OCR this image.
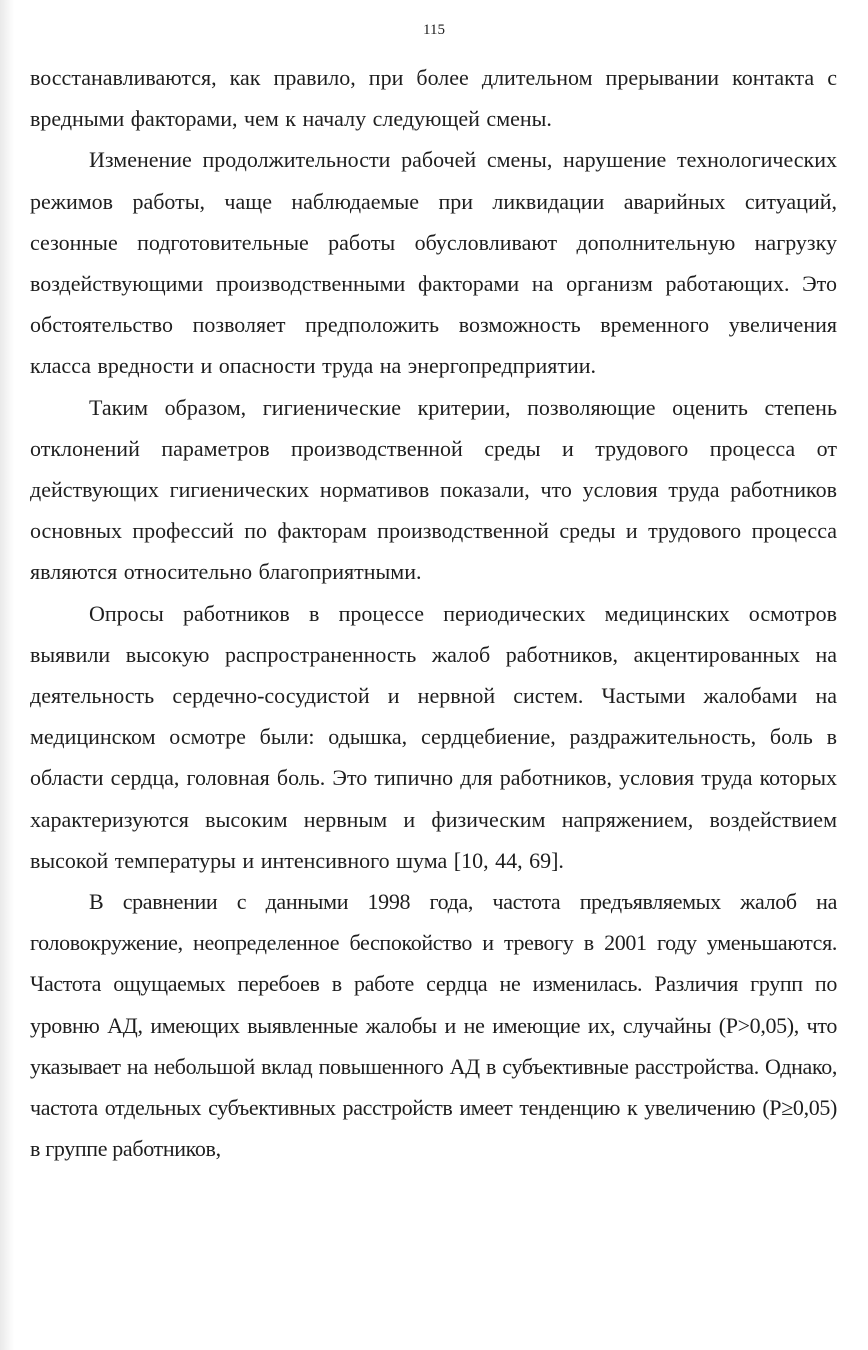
115

восстанавливаются, как правило, при более длительном прерывании контакта с вредными факторами, чем к началу следующей смены.

Изменение продолжительности рабочей смены, нарушение технологических режимов работы, чаще наблюдаемые при ликвидации аварийных ситуаций, сезонные подготовительные работы обусловливают дополнительную нагрузку воздействующими производственными факторами на организм работающих. Это обстоятельство позволяет предположить возможность временного увеличения класса вредности и опасности труда на энергопредприятии.

Таким образом, гигиенические критерии, позволяющие оценить степень отклонений параметров производственной среды и трудового процесса от действующих гигиенических нормативов показали, что условия труда работников основных профессий по факторам производственной среды и трудового процесса являются относительно благоприятными.

Опросы работников в процессе периодических медицинских осмотров выявили высокую распространенность жалоб работников, акцентированных на деятельность сердечно-сосудистой и нервной систем. Частыми жалобами на медицинском осмотре были: одышка, сердцебиение, раздражительность, боль в области сердца, головная боль. Это типично для работников, условия труда которых характеризуются высоким нервным и физическим напряжением, воздействием высокой температуры и интенсивного шума [10, 44, 69].

В сравнении с данными 1998 года, частота предъявляемых жалоб на головокружение, неопределенное беспокойство и тревогу в 2001 году уменьшаются. Частота ощущаемых перебоев в работе сердца не изменилась. Различия групп по уровню АД, имеющих выявленные жалобы и не имеющие их, случайны (Р>0,05), что указывает на небольшой вклад повышенного АД в субъективные расстройства. Однако, частота отдельных субъективных расстройств имеет тенденцию к увеличению (Р≥0,05) в группе работников,
